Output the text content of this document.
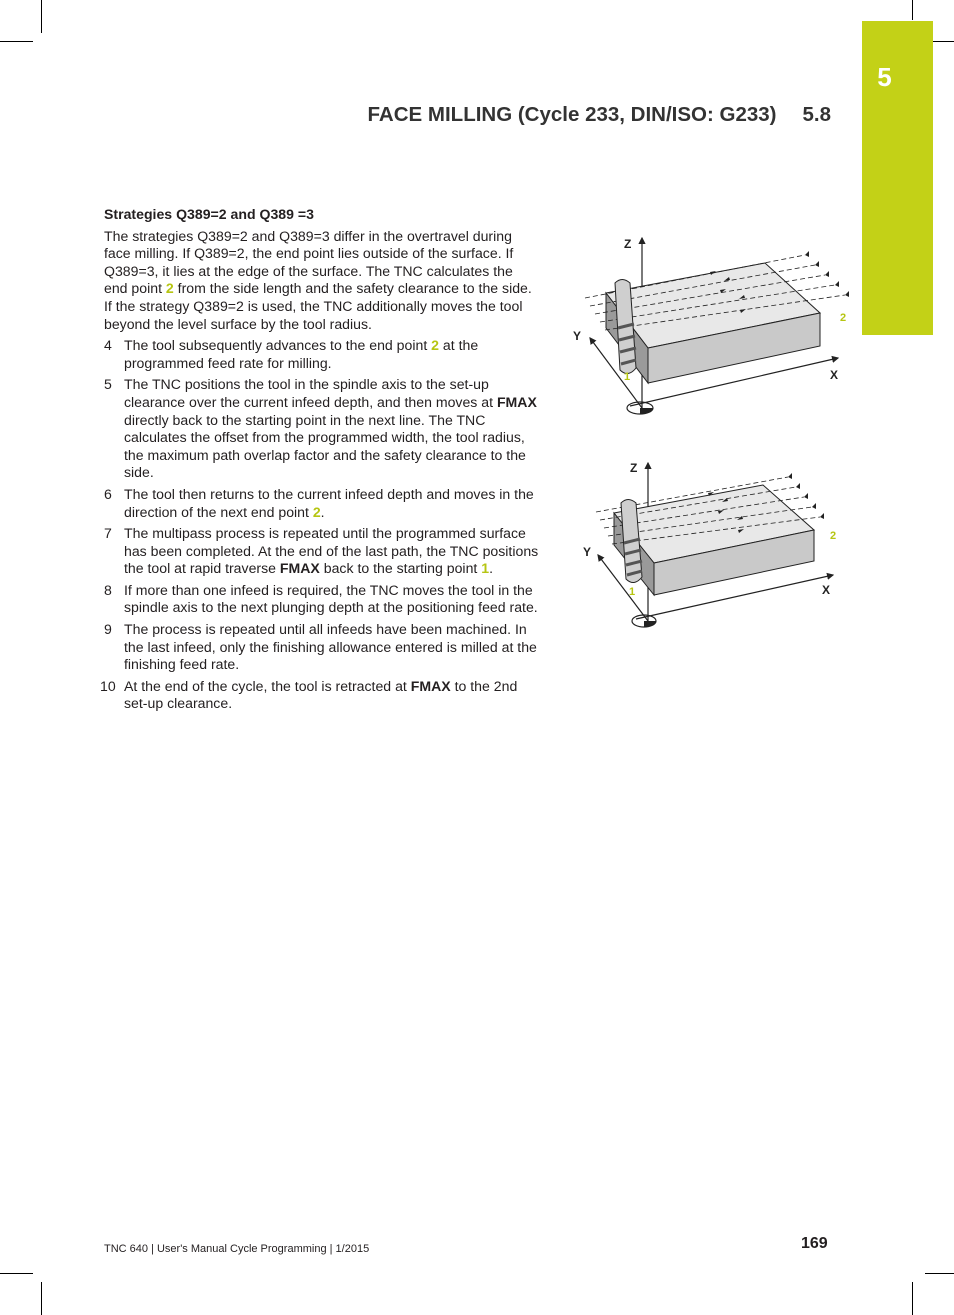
5
FACE MILLING (Cycle 233, DIN/ISO: G233) 5.8

Strategies Q389=2 and Q389 =3

The strategies Q389=2 and Q389=3 differ in the overtravel during face milling. If Q389=2, the end point lies outside of the surface. If Q389=3, it lies at the edge of the surface. The TNC calculates the end point 2 from the side length and the safety clearance to the side. If the strategy Q389=2 is used, the TNC additionally moves the tool beyond the level surface by the tool radius.

4 The tool subsequently advances to the end point 2 at the programmed feed rate for milling.
5 The TNC positions the tool in the spindle axis to the set-up clearance over the current infeed depth, and then moves at FMAX directly back to the starting point in the next line. The TNC calculates the offset from the programmed width, the tool radius, the maximum path overlap factor and the safety clearance to the side.
6 The tool then returns to the current infeed depth and moves in the direction of the next end point 2.
7 The multipass process is repeated until the programmed surface has been completed. At the end of the last path, the TNC positions the tool at rapid traverse FMAX back to the starting point 1.
8 If more than one infeed is required, the TNC moves the tool in the spindle axis to the next plunging depth at the positioning feed rate.
9 The process is repeated until all infeeds have been machined. In the last infeed, only the finishing allowance entered is milled at the finishing feed rate.
10 At the end of the cycle, the tool is retracted at FMAX to the 2nd set-up clearance.
Z
Y
X
1
2
Z
Y
X
1
2
TNC 640 | User's Manual Cycle Programming | 1/2015	169
